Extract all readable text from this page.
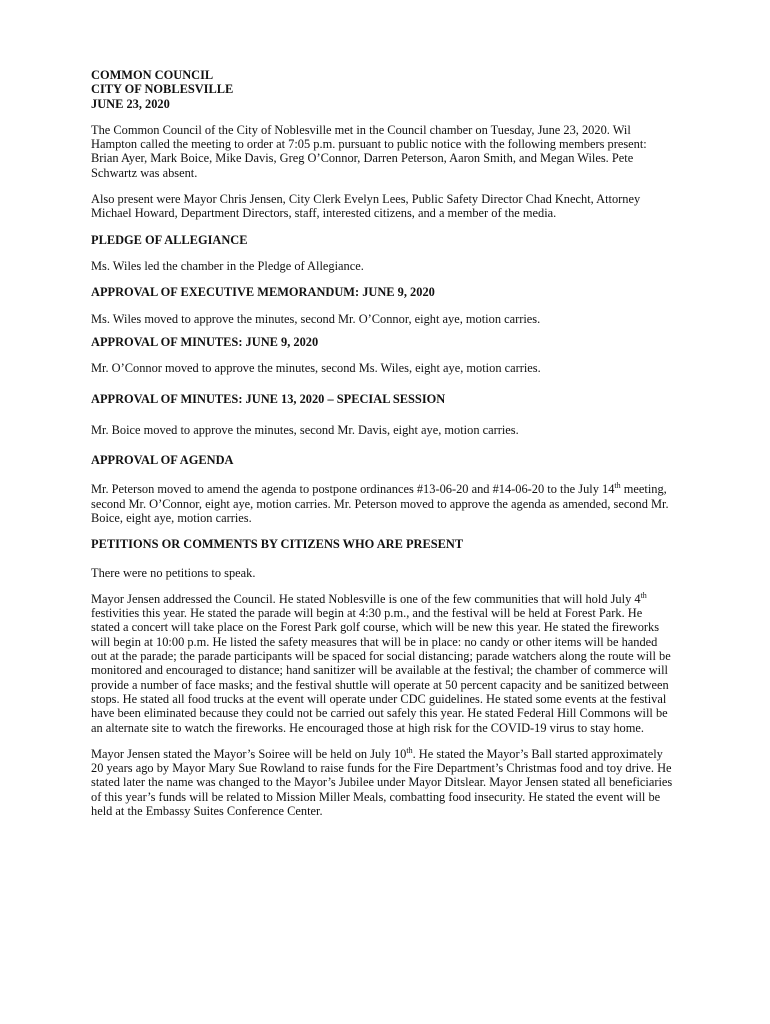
COMMON COUNCIL
CITY OF NOBLESVILLE
JUNE 23, 2020

The Common Council of the City of Noblesville met in the Council chamber on Tuesday, June 23, 2020. Wil Hampton called the meeting to order at 7:05 p.m. pursuant to public notice with the following members present: Brian Ayer, Mark Boice, Mike Davis, Greg O’Connor, Darren Peterson, Aaron Smith, and Megan Wiles. Pete Schwartz was absent.

Also present were Mayor Chris Jensen, City Clerk Evelyn Lees, Public Safety Director Chad Knecht, Attorney Michael Howard, Department Directors, staff, interested citizens, and a member of the media.

PLEDGE OF ALLEGIANCE

Ms. Wiles led the chamber in the Pledge of Allegiance.

APPROVAL OF EXECUTIVE MEMORANDUM: JUNE 9, 2020

Ms. Wiles moved to approve the minutes, second Mr. O’Connor, eight aye, motion carries.

APPROVAL OF MINUTES: JUNE 9, 2020

Mr. O’Connor moved to approve the minutes, second Ms. Wiles, eight aye, motion carries.

APPROVAL OF MINUTES: JUNE 13, 2020 – SPECIAL SESSION

Mr. Boice moved to approve the minutes, second Mr. Davis, eight aye, motion carries.

APPROVAL OF AGENDA

Mr. Peterson moved to amend the agenda to postpone ordinances #13-06-20 and #14-06-20 to the July 14th meeting, second Mr. O’Connor, eight aye, motion carries. Mr. Peterson moved to approve the agenda as amended, second Mr. Boice, eight aye, motion carries.

PETITIONS OR COMMENTS BY CITIZENS WHO ARE PRESENT

There were no petitions to speak.

Mayor Jensen addressed the Council. He stated Noblesville is one of the few communities that will hold July 4th festivities this year. He stated the parade will begin at 4:30 p.m., and the festival will be held at Forest Park. He stated a concert will take place on the Forest Park golf course, which will be new this year. He stated the fireworks will begin at 10:00 p.m. He listed the safety measures that will be in place: no candy or other items will be handed out at the parade; the parade participants will be spaced for social distancing; parade watchers along the route will be monitored and encouraged to distance; hand sanitizer will be available at the festival; the chamber of commerce will provide a number of face masks; and the festival shuttle will operate at 50 percent capacity and be sanitized between stops. He stated all food trucks at the event will operate under CDC guidelines. He stated some events at the festival have been eliminated because they could not be carried out safely this year. He stated Federal Hill Commons will be an alternate site to watch the fireworks. He encouraged those at high risk for the COVID-19 virus to stay home.

Mayor Jensen stated the Mayor’s Soiree will be held on July 10th. He stated the Mayor’s Ball started approximately 20 years ago by Mayor Mary Sue Rowland to raise funds for the Fire Department’s Christmas food and toy drive. He stated later the name was changed to the Mayor’s Jubilee under Mayor Ditslear. Mayor Jensen stated all beneficiaries of this year’s funds will be related to Mission Miller Meals, combatting food insecurity. He stated the event will be held at the Embassy Suites Conference Center.
